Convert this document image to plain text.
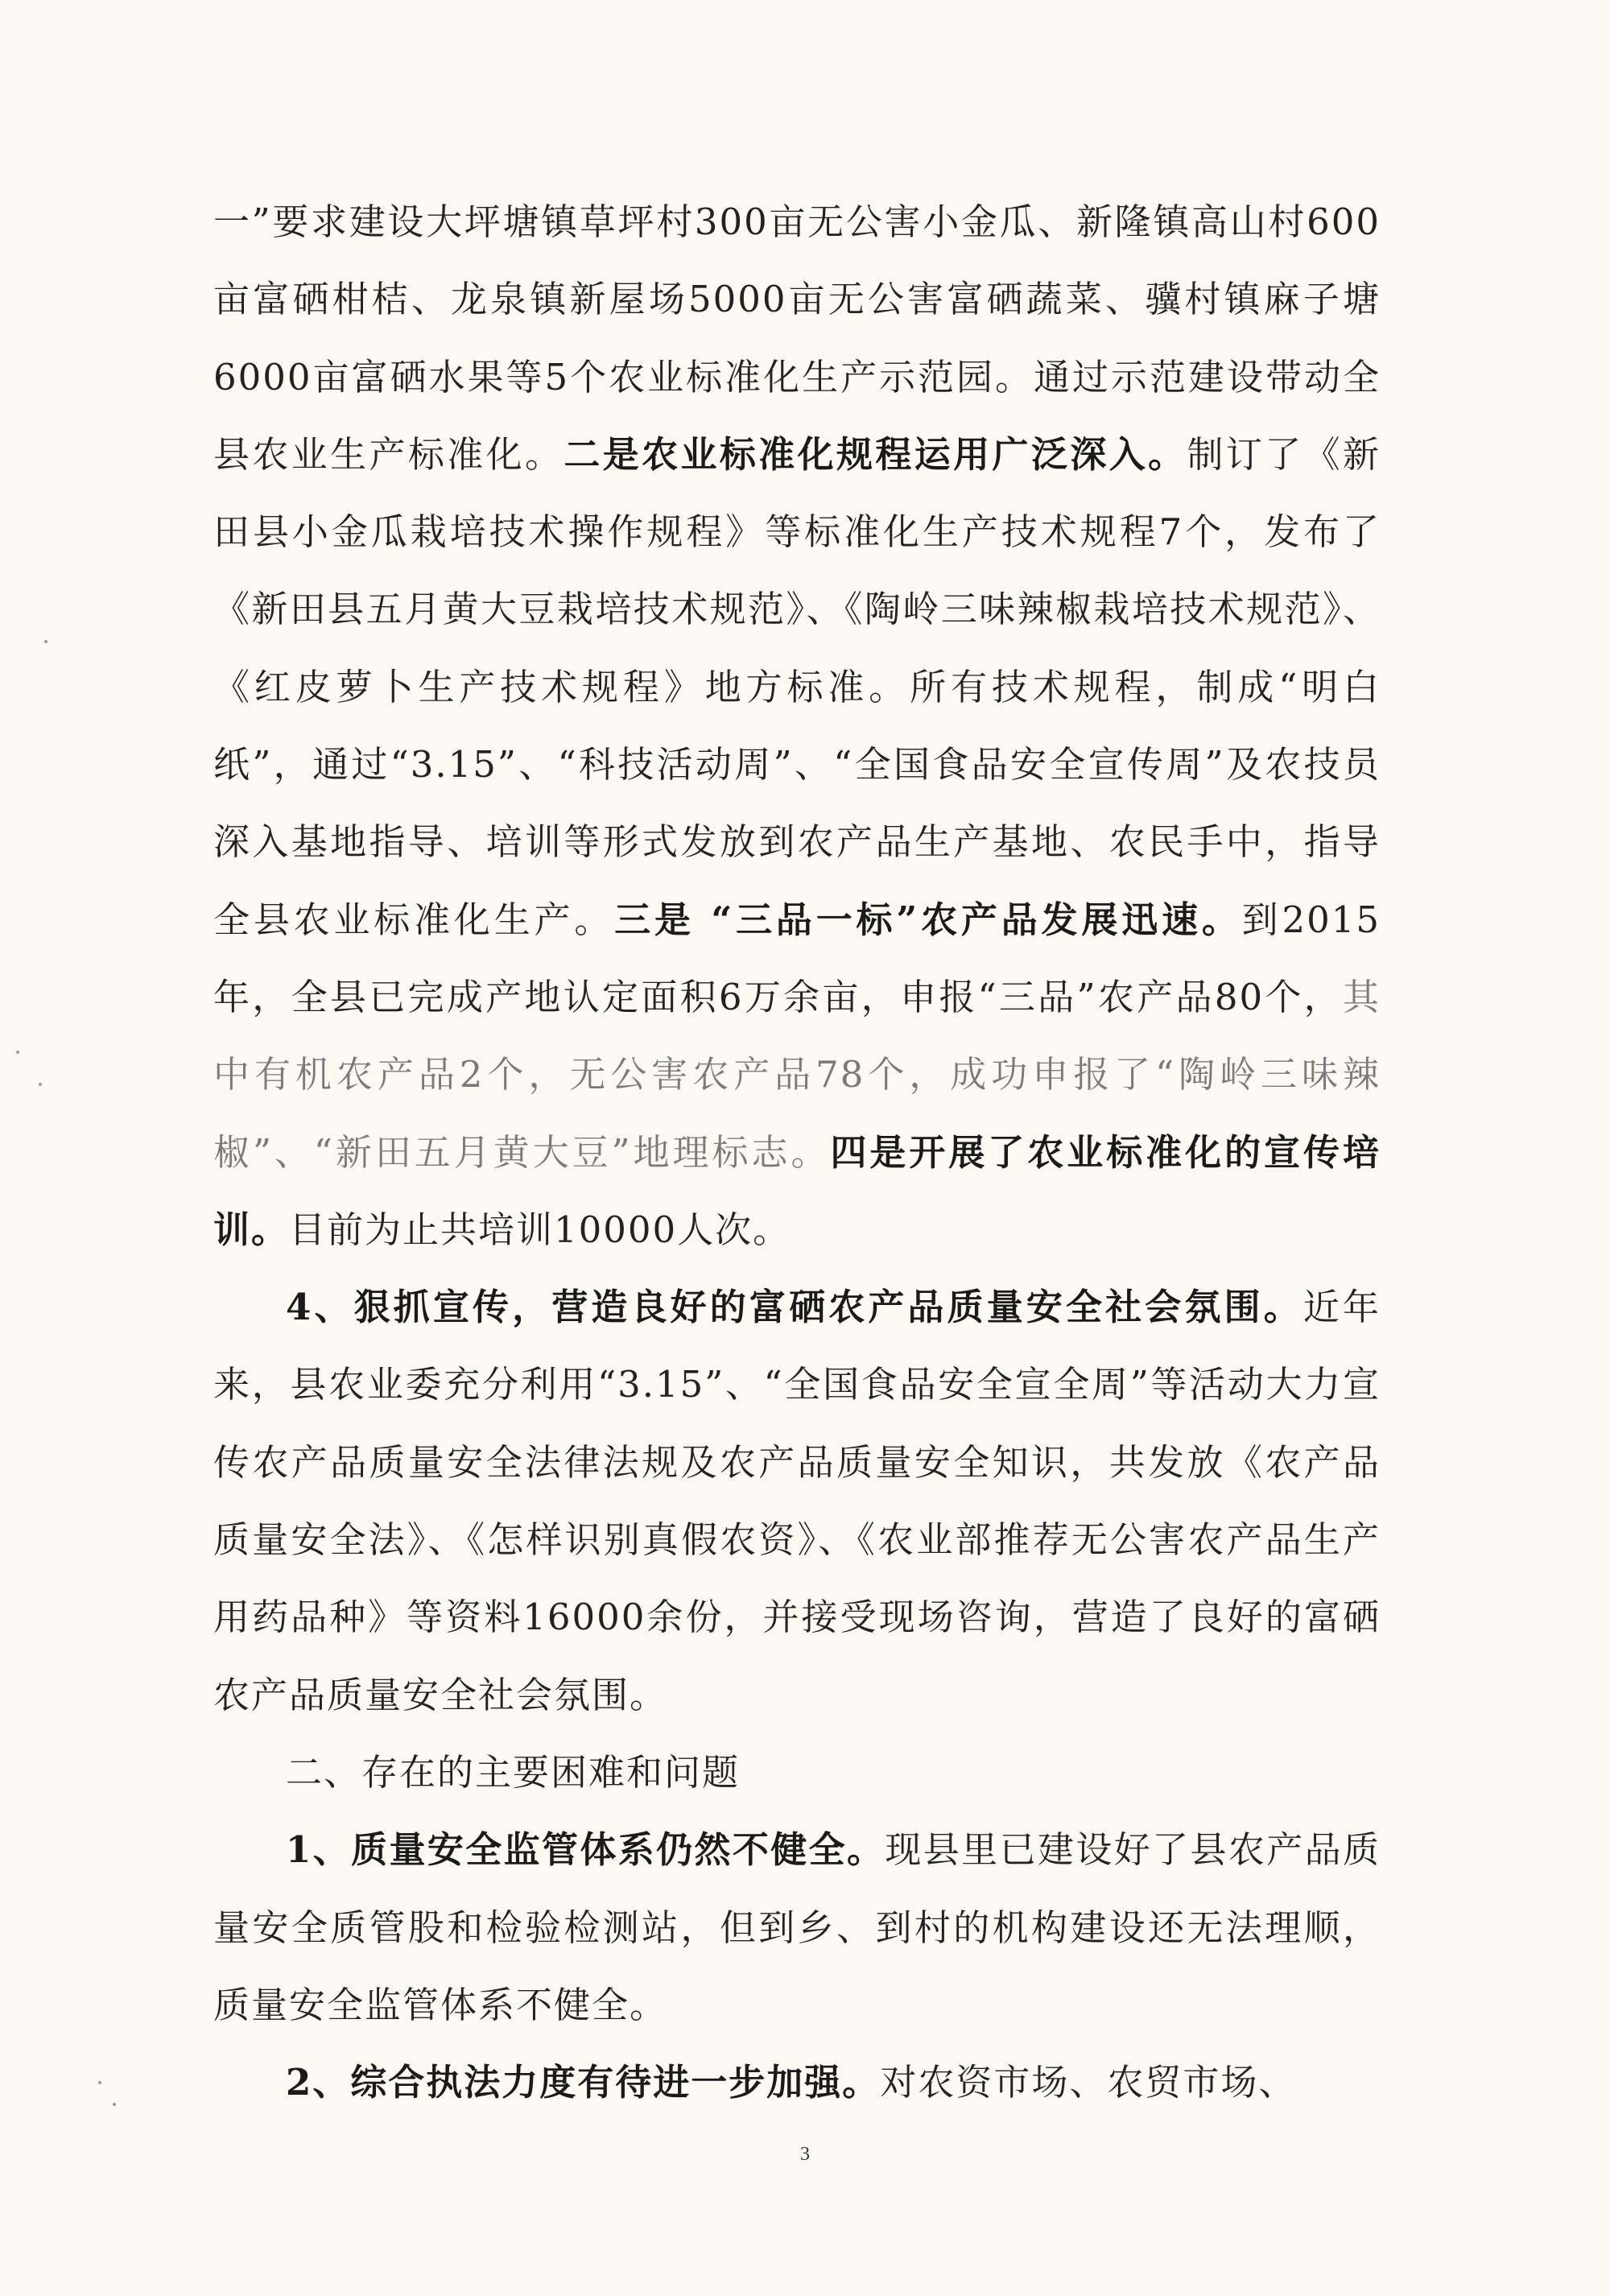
一”要求建设大坪塘镇草坪村300亩无公害小金瓜、新隆镇高山村600亩富硒柑桔、龙泉镇新屋场5000亩无公害富硒蔬菜、骥村镇麻子塘6000亩富硒水果等5个农业标准化生产示范园。通过示范建设带动全县农业生产标准化。二是农业标准化规程运用广泛深入。制订了《新田县小金瓜栽培技术操作规程》等标准化生产技术规程7个，发布了《新田县五月黄大豆栽培技术规范》、《陶岭三味辣椒栽培技术规范》、《红皮萝卜生产技术规程》地方标准。所有技术规程，制成“明白纸”，通过“3.15”、“科技活动周”、“全国食品安全宣传周”及农技员深入基地指导、培训等形式发放到农产品生产基地、农民手中，指导全县农业标准化生产。三是 “三品一标”农产品发展迅速。到2015年，全县已完成产地认定面积6万余亩，申报“三品”农产品80个，其中有机农产品2个，无公害农产品78个，成功申报了“陶岭三味辣椒”、“新田五月黄大豆”地理标志。四是开展了农业标准化的宣传培训。目前为止共培训10000人次。

4、狠抓宣传，营造良好的富硒农产品质量安全社会氛围。近年来，县农业委充分利用“3.15”、“全国食品安全宣全周”等活动大力宣传农产品质量安全法律法规及农产品质量安全知识，共发放《农产品质量安全法》、《怎样识别真假农资》、《农业部推荐无公害农产品生产用药品种》等资料16000余份，并接受现场咨询，营造了良好的富硒农产品质量安全社会氛围。

二、存在的主要困难和问题

1、质量安全监管体系仍然不健全。现县里已建设好了县农产品质量安全质管股和检验检测站，但到乡、到村的机构建设还无法理顺，质量安全监管体系不健全。

2、综合执法力度有待进一步加强。对农资市场、农贸市场、

3
